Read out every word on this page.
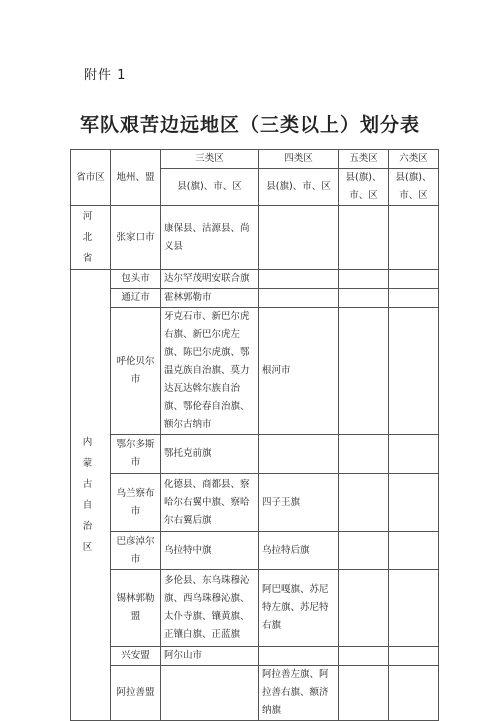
附件 1
军队艰苦边远地区（三类以上）划分表
省市区	地州、盟	三类区	四类区	五类区	六类区
		县(旗)、市、区	县(旗)、市、区	县(旗)、市、区	县(旗)、市、区

河 北
省	张家口市	康保县、沽源县、尚义县			

内 蒙
古
自 治
区	包头市	达尔罕茂明安联合旗			
	通辽市	霍林郭勒市			
	呼伦贝尔市	牙克石市、新巴尔虎右旗、新巴尔虎左旗、陈巴尔虎旗、鄂温克族自治旗、莫力达瓦达斡尔族自治旗、鄂伦春自治旗、额尔古纳市	根河市		
	鄂尔多斯市	鄂托克前旗			
	乌兰察布市	化德县、商都县、察哈尔右翼中旗、察哈尔右翼后旗	四子王旗		
	巴彦淖尔市	乌拉特中旗	乌拉特后旗		
	锡林郭勒盟	多伦县、东乌珠穆沁旗、西乌珠穆沁旗、太仆寺旗、镶黄旗、正镶白旗、正蓝旗	阿巴嘎旗、苏尼特左旗、苏尼特右旗		
	兴安盟	阿尔山市			
	阿拉善盟		阿拉善左旗、阿拉善右旗、额济纳旗		
